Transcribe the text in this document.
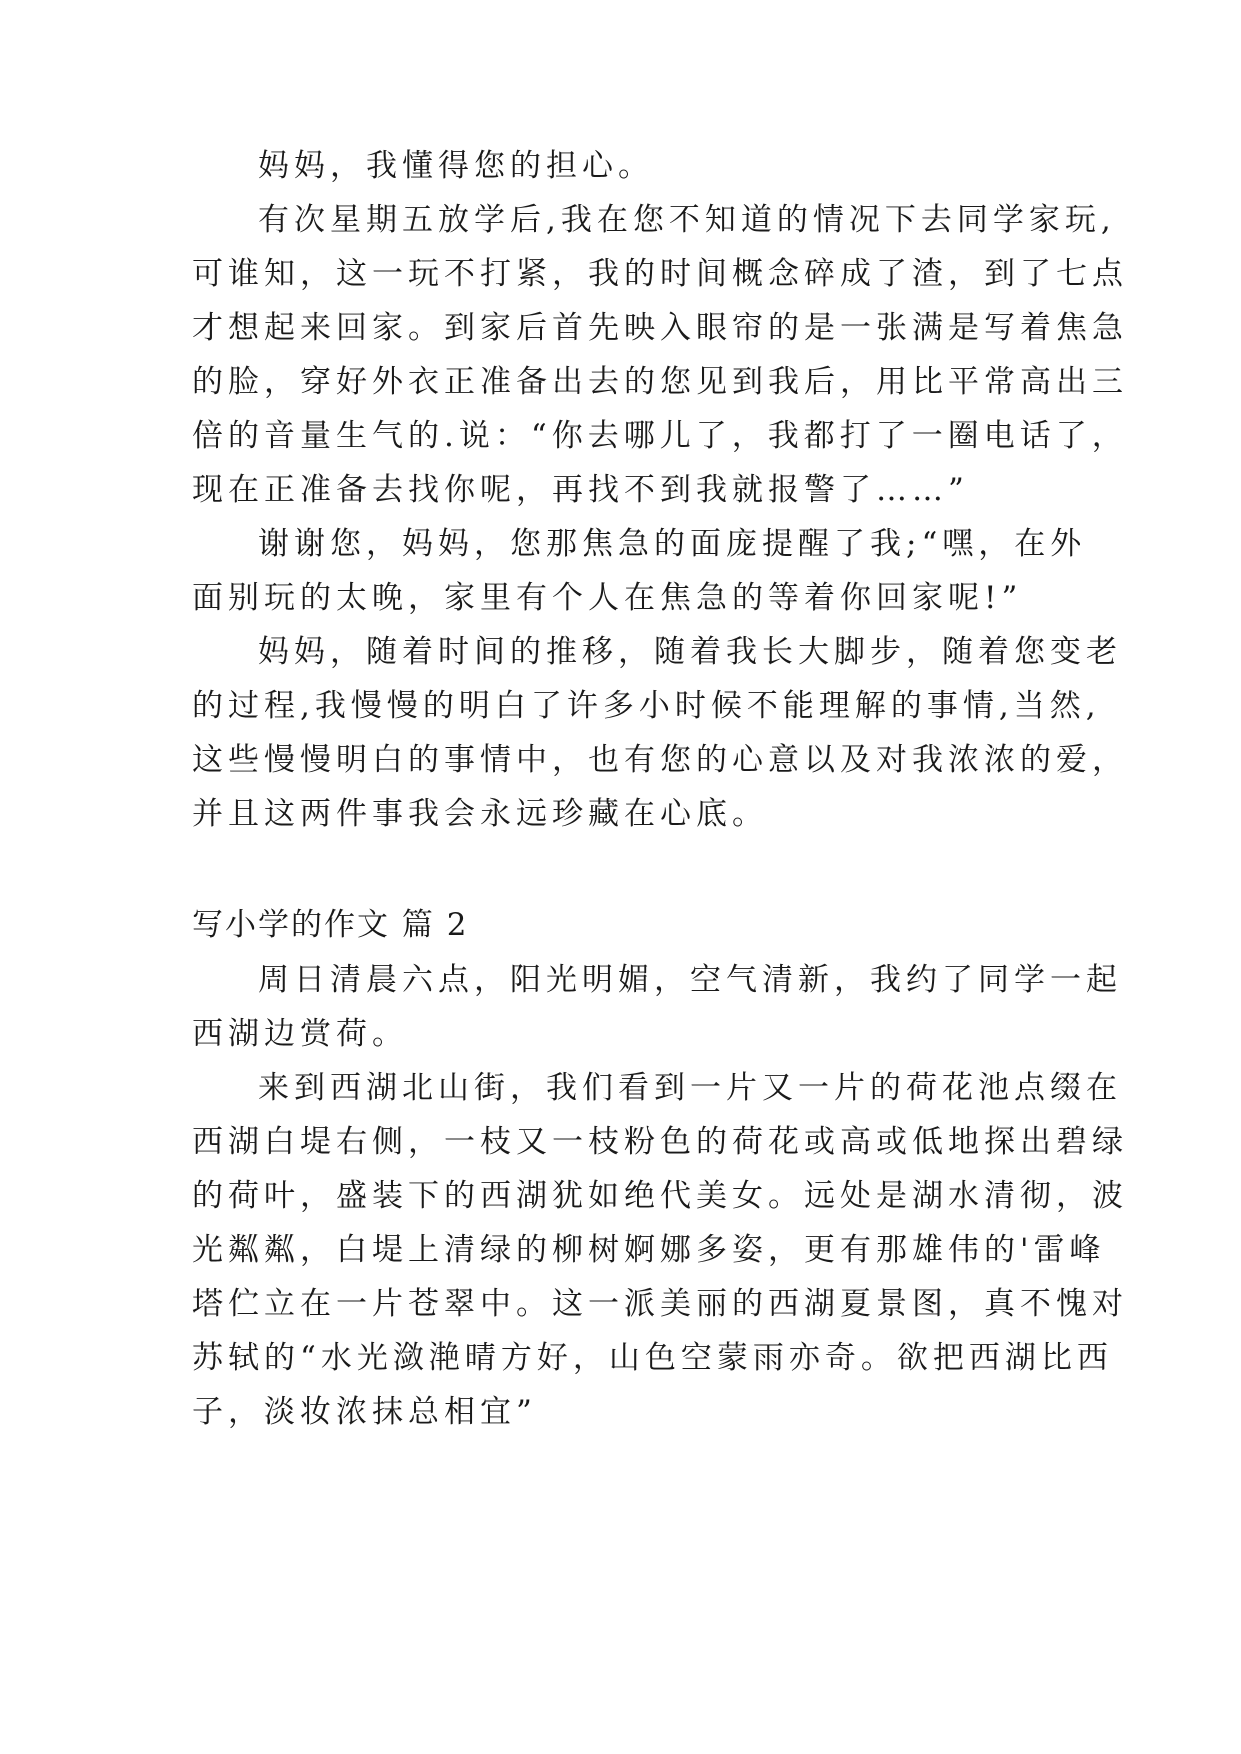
妈妈，我懂得您的担心。
有次星期五放学后,我在您不知道的情况下去同学家玩,
可谁知，这一玩不打紧，我的时间概念碎成了渣，到了七点
才想起来回家。到家后首先映入眼帘的是一张满是写着焦急
的脸，穿好外衣正准备出去的您见到我后，用比平常高出三
倍的音量生气的.说：“你去哪儿了，我都打了一圈电话了，
现在正准备去找你呢，再找不到我就报警了……”
谢谢您，妈妈，您那焦急的面庞提醒了我;“嘿，在外
面别玩的太晚，家里有个人在焦急的等着你回家呢!”
妈妈，随着时间的推移，随着我长大脚步，随着您变老
的过程,我慢慢的明白了许多小时候不能理解的事情,当然,
这些慢慢明白的事情中，也有您的心意以及对我浓浓的爱，
并且这两件事我会永远珍藏在心底。
写小学的作文 篇 2
周日清晨六点，阳光明媚，空气清新，我约了同学一起
西湖边赏荷。
来到西湖北山街，我们看到一片又一片的荷花池点缀在
西湖白堤右侧，一枝又一枝粉色的荷花或高或低地探出碧绿
的荷叶，盛装下的西湖犹如绝代美女。远处是湖水清彻，波
光粼粼，白堤上清绿的柳树婀娜多姿，更有那雄伟的'雷峰
塔伫立在一片苍翠中。这一派美丽的西湖夏景图，真不愧对
苏轼的“水光潋滟晴方好，山色空蒙雨亦奇。欲把西湖比西
子，淡妆浓抹总相宜”
